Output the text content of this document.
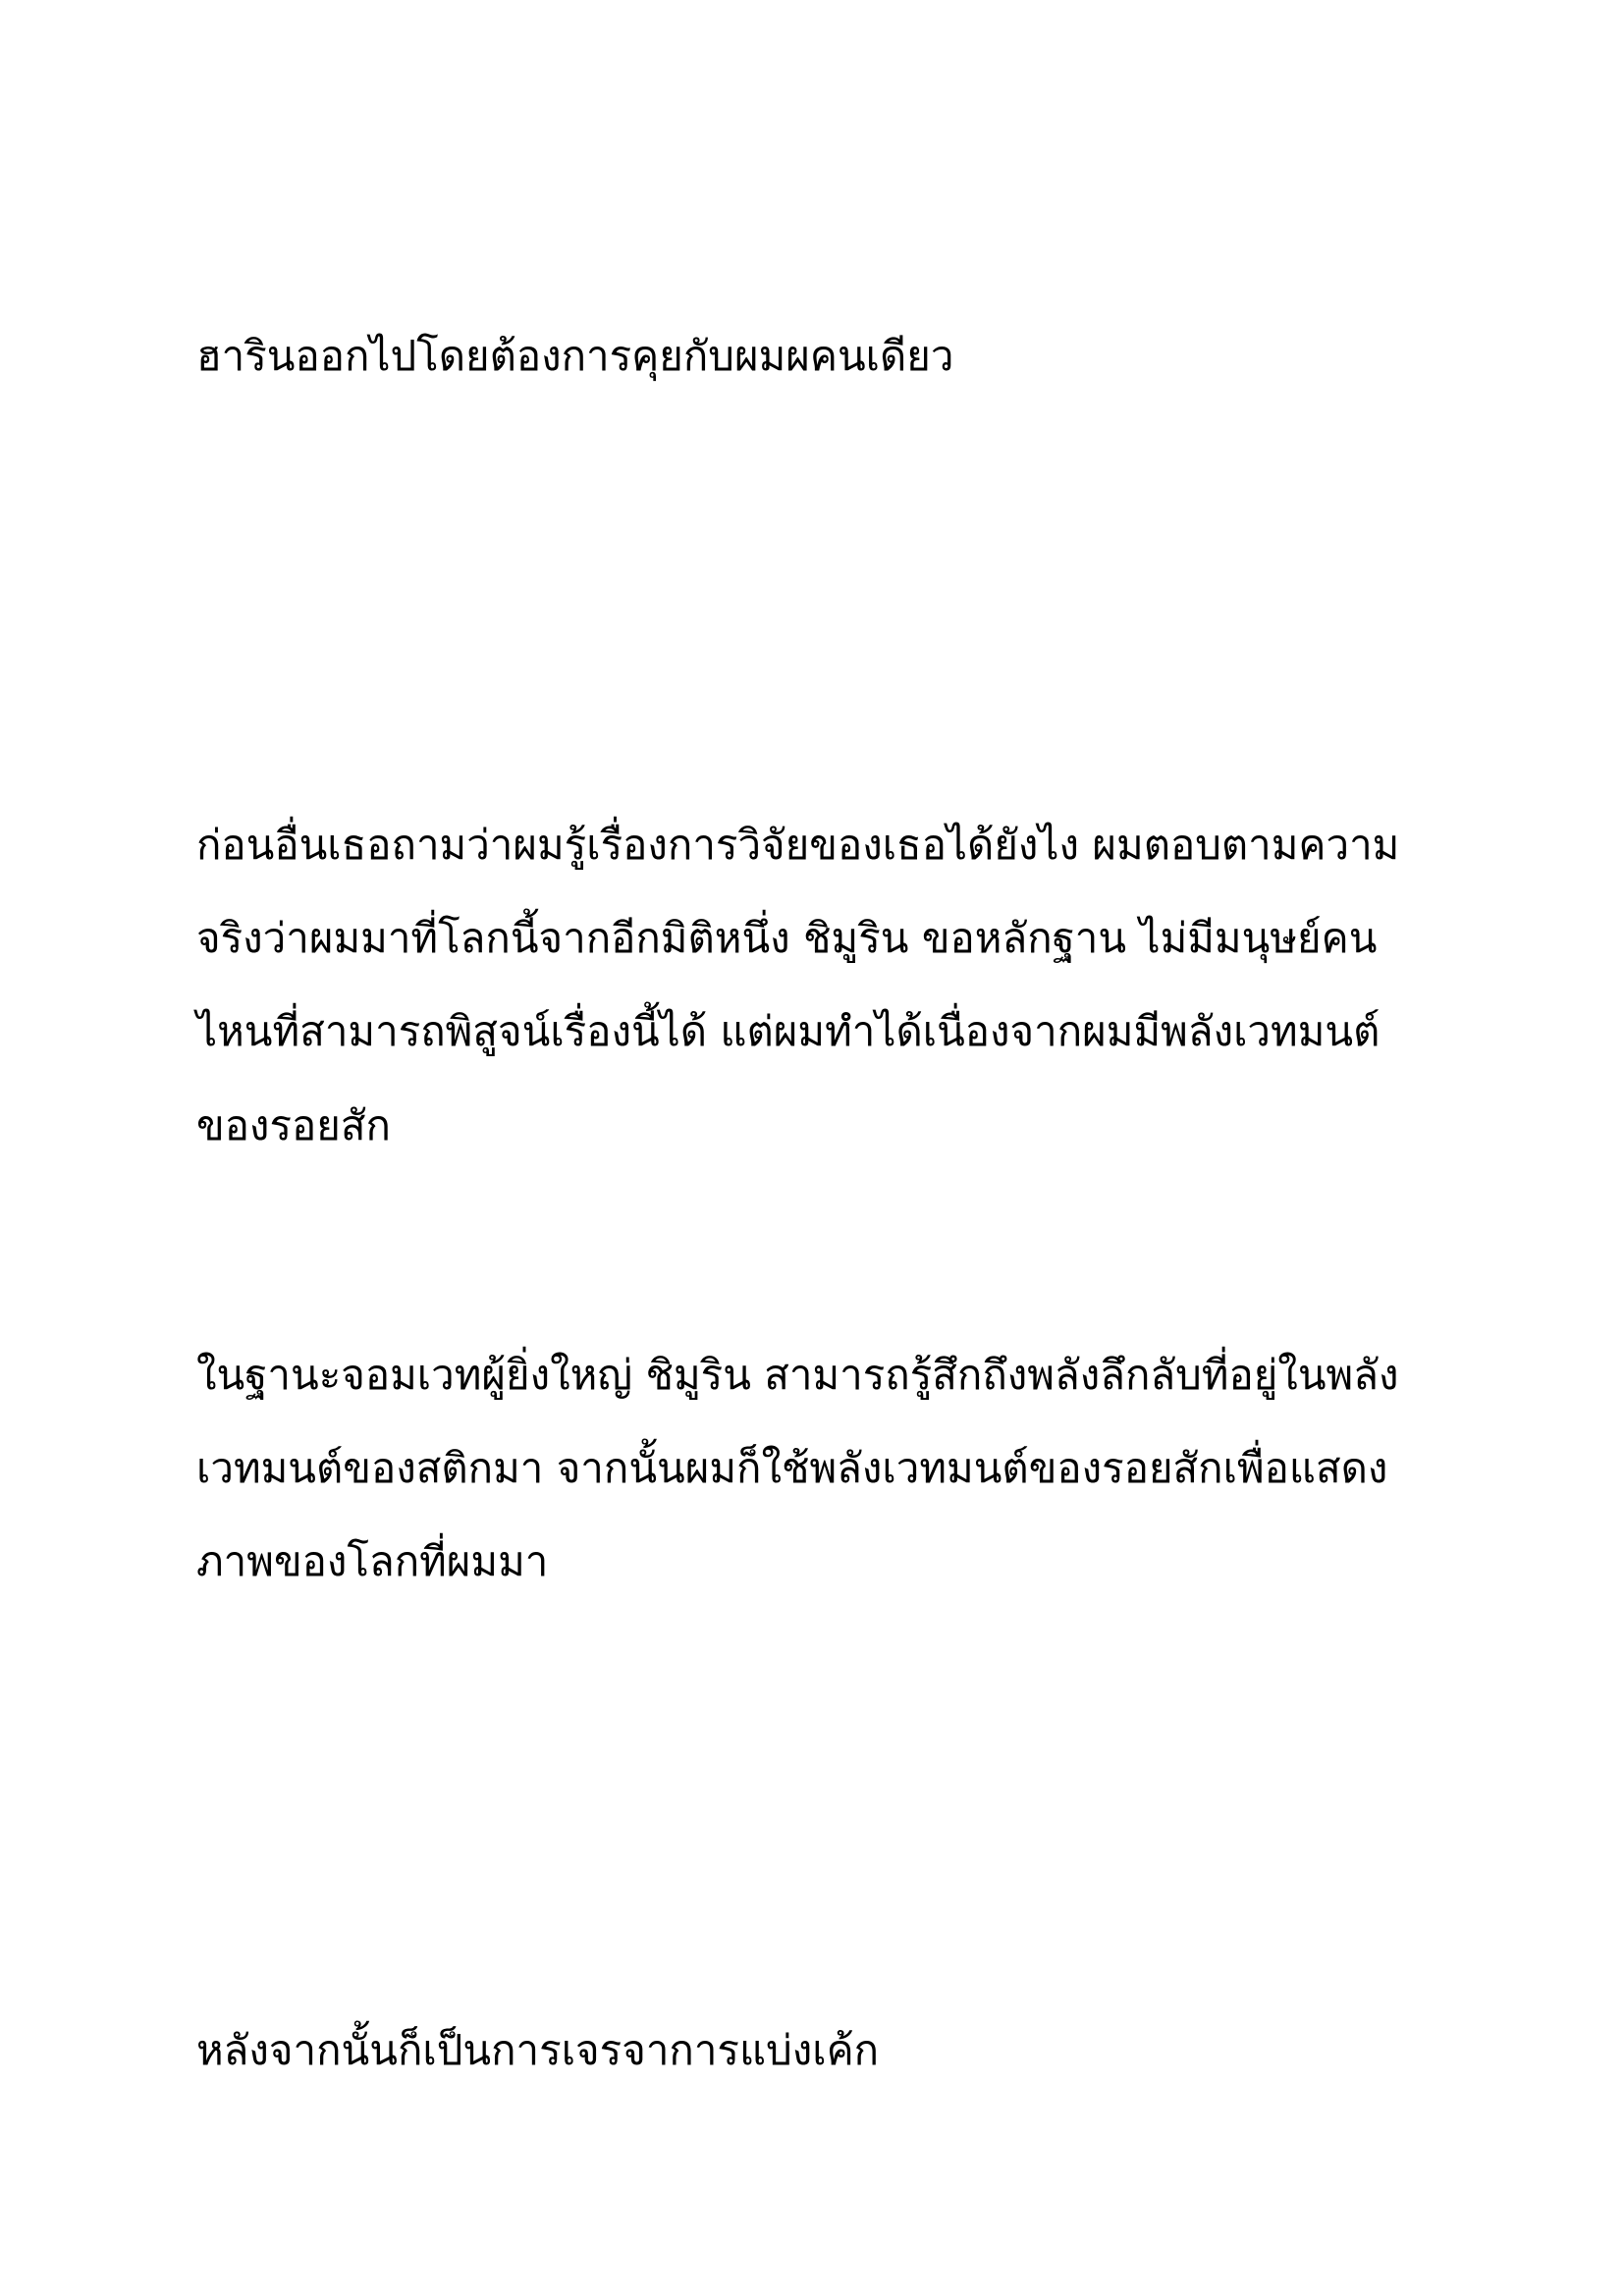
ฮารินออกไปโดยต้องการคุยกับผมผคนเดียว

ก่อนอื่นเธอถามว่าผมรู้เรื่องการวิจัยของเธอได้ยังไง ผมตอบตามความ

จริงว่าผมมาที่โลกนี้จากอีกมิติหนึ่ง ชิมูริน ขอหลักฐาน ไม่มีมนุษย์คน

ไหนที่สามารถพิสูจน์เรื่องนี้ได้ แต่ผมทำได้เนื่องจากผมมีพลังเวทมนต์

ของรอยสัก

ในฐานะจอมเวทผู้ยิ่งใหญ่ ชิมูริน สามารถรู้สึกถึงพลังลึกลับที่อยู่ในพลัง

เวทมนต์ของสติกมา จากนั้นผมก็ใช้พลังเวทมนต์ของรอยสักเพื่อแสดง

ภาพของโลกที่ผมมา

หลังจากนั้นก็เป็นการเจรจาการแบ่งเค้ก
